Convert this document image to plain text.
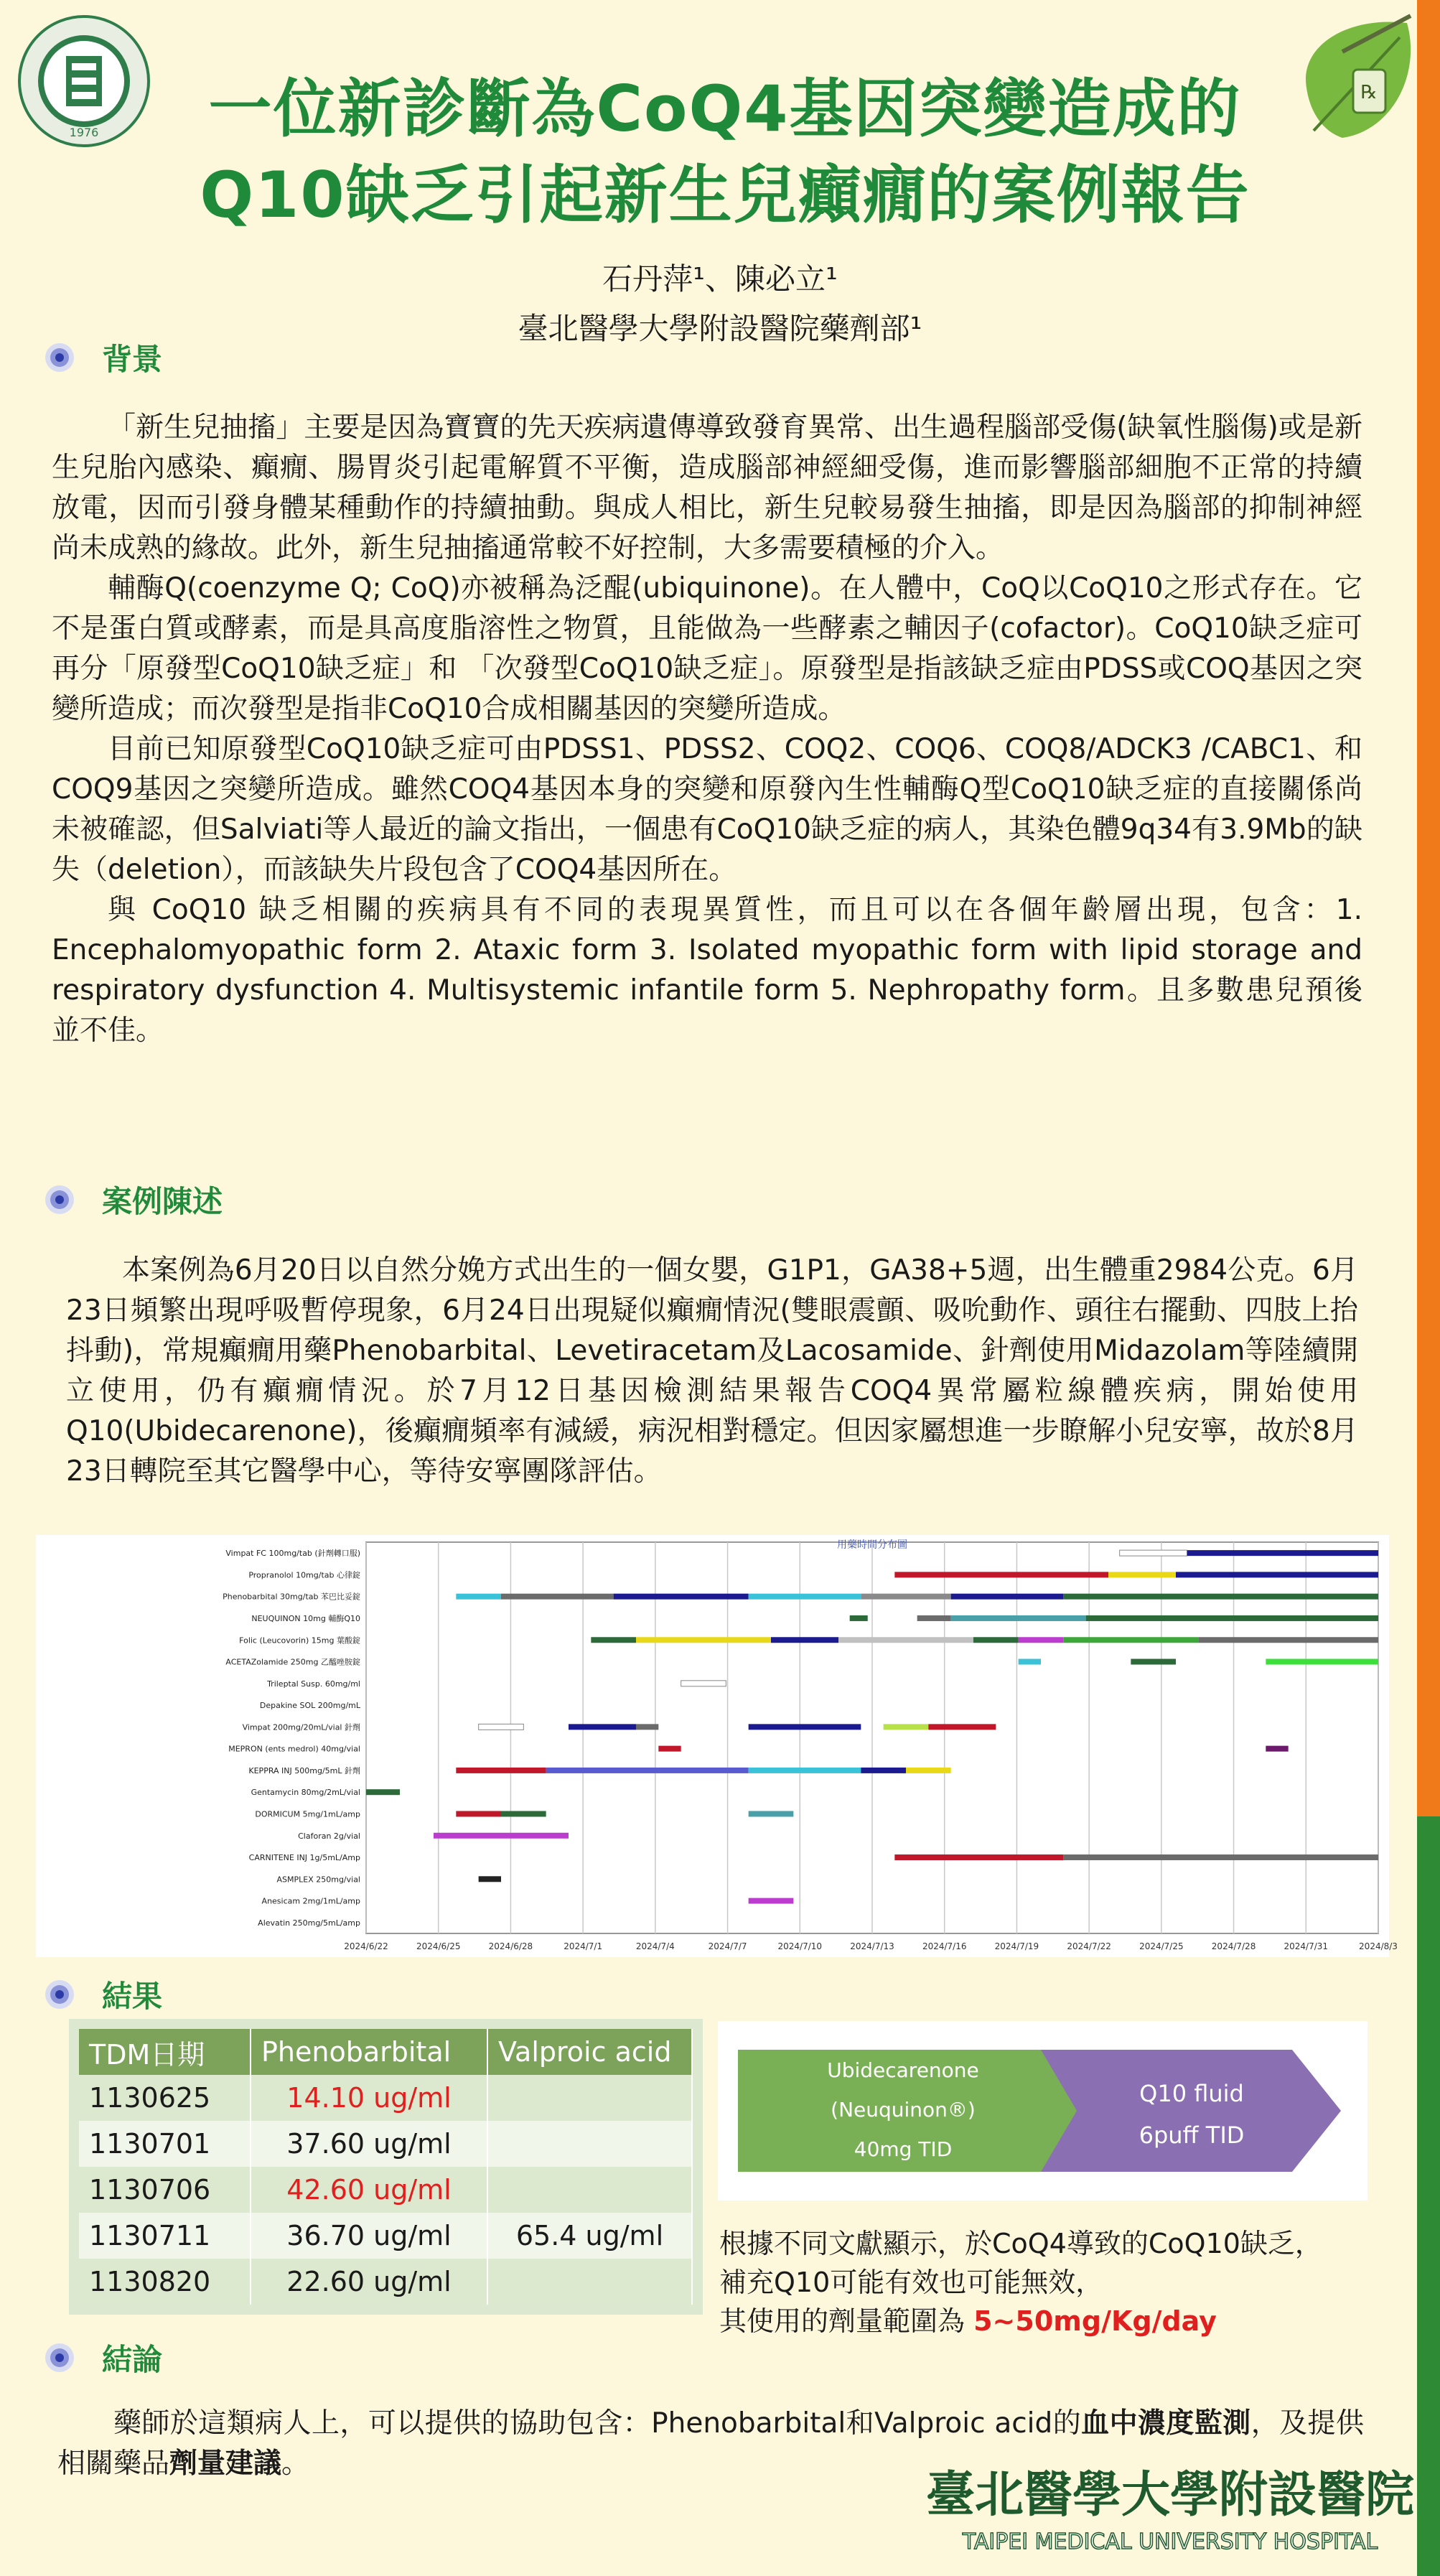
1976
℞
一位新診斷為CoQ4基因突變造成的
Q10缺乏引起新生兒癲癇的案例報告
石丹萍¹、陳必立¹
臺北醫學大學附設醫院藥劑部¹
背景

「新生兒抽搐」主要是因為寶寶的先天疾病遺傳導致發育異常、出生過程腦部受傷(缺氧性腦傷)或是新生兒胎內感染、癲癇、腸胃炎引起電解質不平衡，造成腦部神經細受傷，進而影響腦部細胞不正常的持續放電，因而引發身體某種動作的持續抽動。與成人相比，新生兒較易發生抽搐，即是因為腦部的抑制神經尚未成熟的緣故。此外，新生兒抽搐通常較不好控制，大多需要積極的介入。

輔酶Q(coenzyme Q; CoQ)亦被稱為泛醌(ubiquinone)。在人體中，CoQ以CoQ10之形式存在。它不是蛋白質或酵素，而是具高度脂溶性之物質，且能做為一些酵素之輔因子(cofactor)。CoQ10缺乏症可再分「原發型CoQ10缺乏症」和 「次發型CoQ10缺乏症」。原發型是指該缺乏症由PDSS或COQ基因之突變所造成；而次發型是指非CoQ10合成相關基因的突變所造成。

目前已知原發型CoQ10缺乏症可由PDSS1、PDSS2、COQ2、COQ6、COQ8/ADCK3 /CABC1、和COQ9基因之突變所造成。雖然COQ4基因本身的突變和原發內生性輔酶Q型CoQ10缺乏症的直接關係尚未被確認，但Salviati等人最近的論文指出，一個患有CoQ10缺乏症的病人，其染色體9q34有3.9Mb的缺失（deletion），而該缺失片段包含了COQ4基因所在。

與 CoQ10 缺乏相關的疾病具有不同的表現異質性，而且可以在各個年齡層出現，包含：1. Encephalomyopathic form 2. Ataxic form 3. Isolated myopathic form with lipid storage and respiratory dysfunction 4. Multisystemic infantile form 5. Nephropathy form。且多數患兒預後並不佳。

案例陳述

本案例為6月20日以自然分娩方式出生的一個女嬰，G1P1，GA38+5週，出生體重2984公克。6月23日頻繁出現呼吸暫停現象，6月24日出現疑似癲癇情況(雙眼震顫、吸吮動作、頭往右擺動、四肢上抬抖動)，常規癲癇用藥Phenobarbital、Levetiracetam及Lacosamide、針劑使用Midazolam等陸續開立使用，仍有癲癇情況。於7月12日基因檢測結果報告COQ4異常屬粒線體疾病，開始使用Q10(Ubidecarenone)，後癲癇頻率有減緩，病況相對穩定。但因家屬想進一步瞭解小兒安寧，故於8月23日轉院至其它醫學中心，等待安寧團隊評估。

用藥時間分布圖
2024/6/22	2024/6/25	2024/6/28	2024/7/1	2024/7/4	2024/7/7	2024/7/10	2024/7/13	2024/7/16	2024/7/19	2024/7/22	2024/7/25	2024/7/28	2024/7/31	2024/8/3
Vimpat FC 100mg/tab (針劑轉口服)
Propranolol 10mg/tab 心律錠
Phenobarbital 30mg/tab 苯巴比妥錠
NEUQUINON 10mg 輔酶Q10
Folic (Leucovorin) 15mg 葉酸錠
ACETAZolamide 250mg 乙醯唑胺錠
Trileptal Susp. 60mg/ml
Depakine SOL 200mg/mL
Vimpat 200mg/20mL/vial 針劑
MEPRON (ents medrol) 40mg/vial
KEPPRA INJ 500mg/5mL 針劑
Gentamycin 80mg/2mL/vial
DORMICUM 5mg/1mL/amp
Claforan 2g/vial
CARNITENE INJ 1g/5mL/Amp
ASMPLEX 250mg/vial
Anesicam 2mg/1mL/amp
Alevatin 250mg/5mL/amp
結果
TDM日期	Phenobarbital	Valproic acid
1130625	14.10 ug/ml	
1130701	37.60 ug/ml	
1130706	42.60 ug/ml	
1130711	36.70 ug/ml	65.4 ug/ml
1130820	22.60 ug/ml	
Ubidecarenone
(Neuquinon®)
40mg TID
Q10 fluid
6puff TID
根據不同文獻顯示，於CoQ4導致的CoQ10缺乏，
補充Q10可能有效也可能無效，
其使用的劑量範圍為 5~50mg/Kg/day
結論

藥師於這類病人上，可以提供的協助包含：Phenobarbital和Valproic acid的血中濃度監測，及提供相關藥品劑量建議。

臺北醫學大學附設醫院
TAIPEI MEDICAL UNIVERSITY HOSPITAL
